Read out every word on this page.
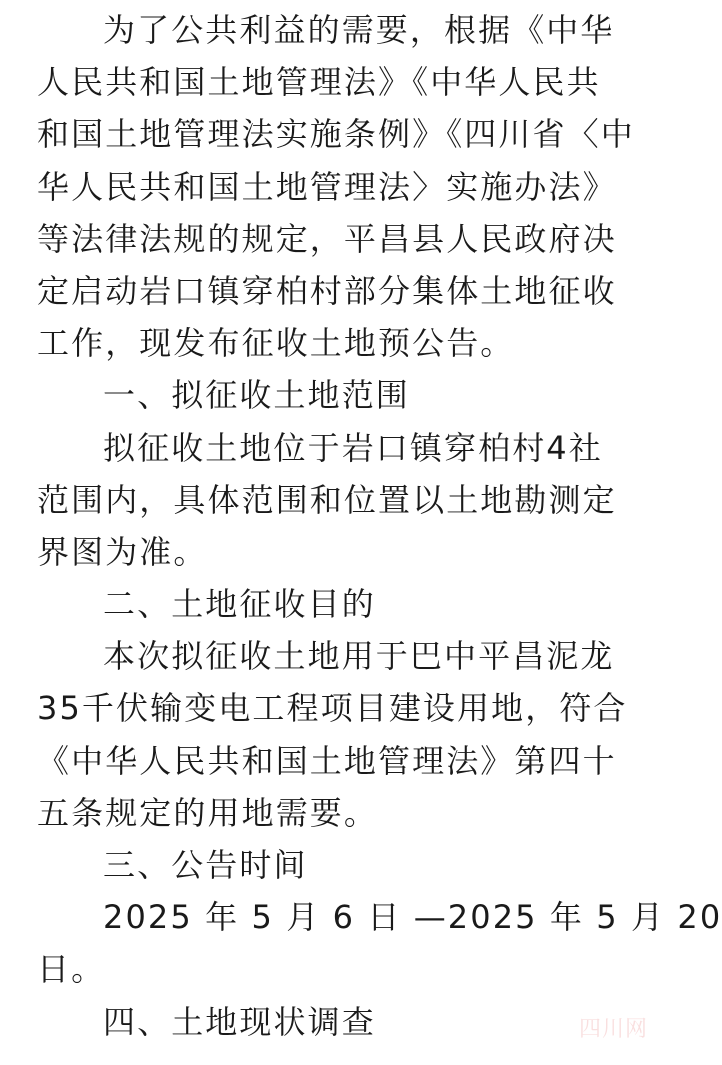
为了公共利益的需要，根据《中华
人民共和国土地管理法》《中华人民共
和国土地管理法实施条例》《四川省〈中
华人民共和国土地管理法〉实施办法》
等法律法规的规定，平昌县人民政府决
定启动岩口镇穿柏村部分集体土地征收
工作，现发布征收土地预公告。
一、拟征收土地范围
拟征收土地位于岩口镇穿柏村4社
范围内，具体范围和位置以土地勘测定
界图为准。
二、土地征收目的
本次拟征收土地用于巴中平昌泥龙
35千伏输变电工程项目建设用地，符合
《中华人民共和国土地管理法》第四十
五条规定的用地需要。
三、公告时间
2025 年 5 月 6 日 —2025 年 5 月 20
日。
四、土地现状调查	四川网
